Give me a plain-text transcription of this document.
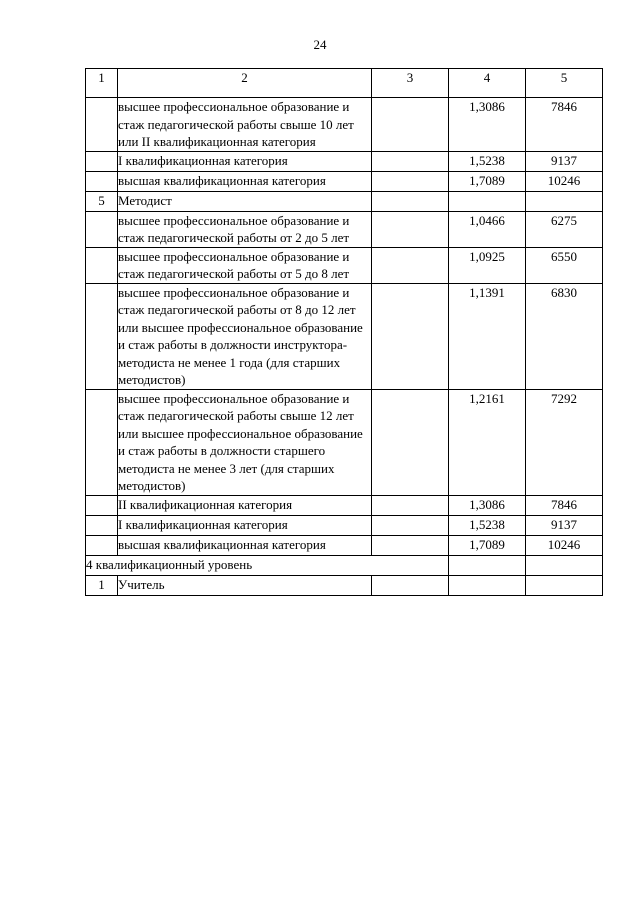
24
1	2	3	4	5
	высшее профессиональное образование и стаж педагогической работы свыше 10 лет или II квалификационная категория		1,3086	7846
	I квалификационная категория		1,5238	9137
	высшая квалификационная категория		1,7089	10246
5	Методист			
	высшее профессиональное образование и стаж педагогической работы от 2 до 5 лет		1,0466	6275
	высшее профессиональное образование и стаж педагогической работы от 5 до 8 лет		1,0925	6550
	высшее профессиональное образование и стаж педагогической работы от 8 до 12 лет или высшее профессиональное образование и стаж работы в должности инструктора-методиста не менее 1 года (для старших методистов)		1,1391	6830
	высшее профессиональное образование и стаж педагогической работы свыше 12 лет или высшее профессиональное образование и стаж работы в должности старшего методиста не менее 3 лет (для старших методистов)		1,2161	7292
	II квалификационная категория		1,3086	7846
	I квалификационная категория		1,5238	9137
	высшая квалификационная категория		1,7089	10246
4 квалификационный уровень				
1	Учитель			
